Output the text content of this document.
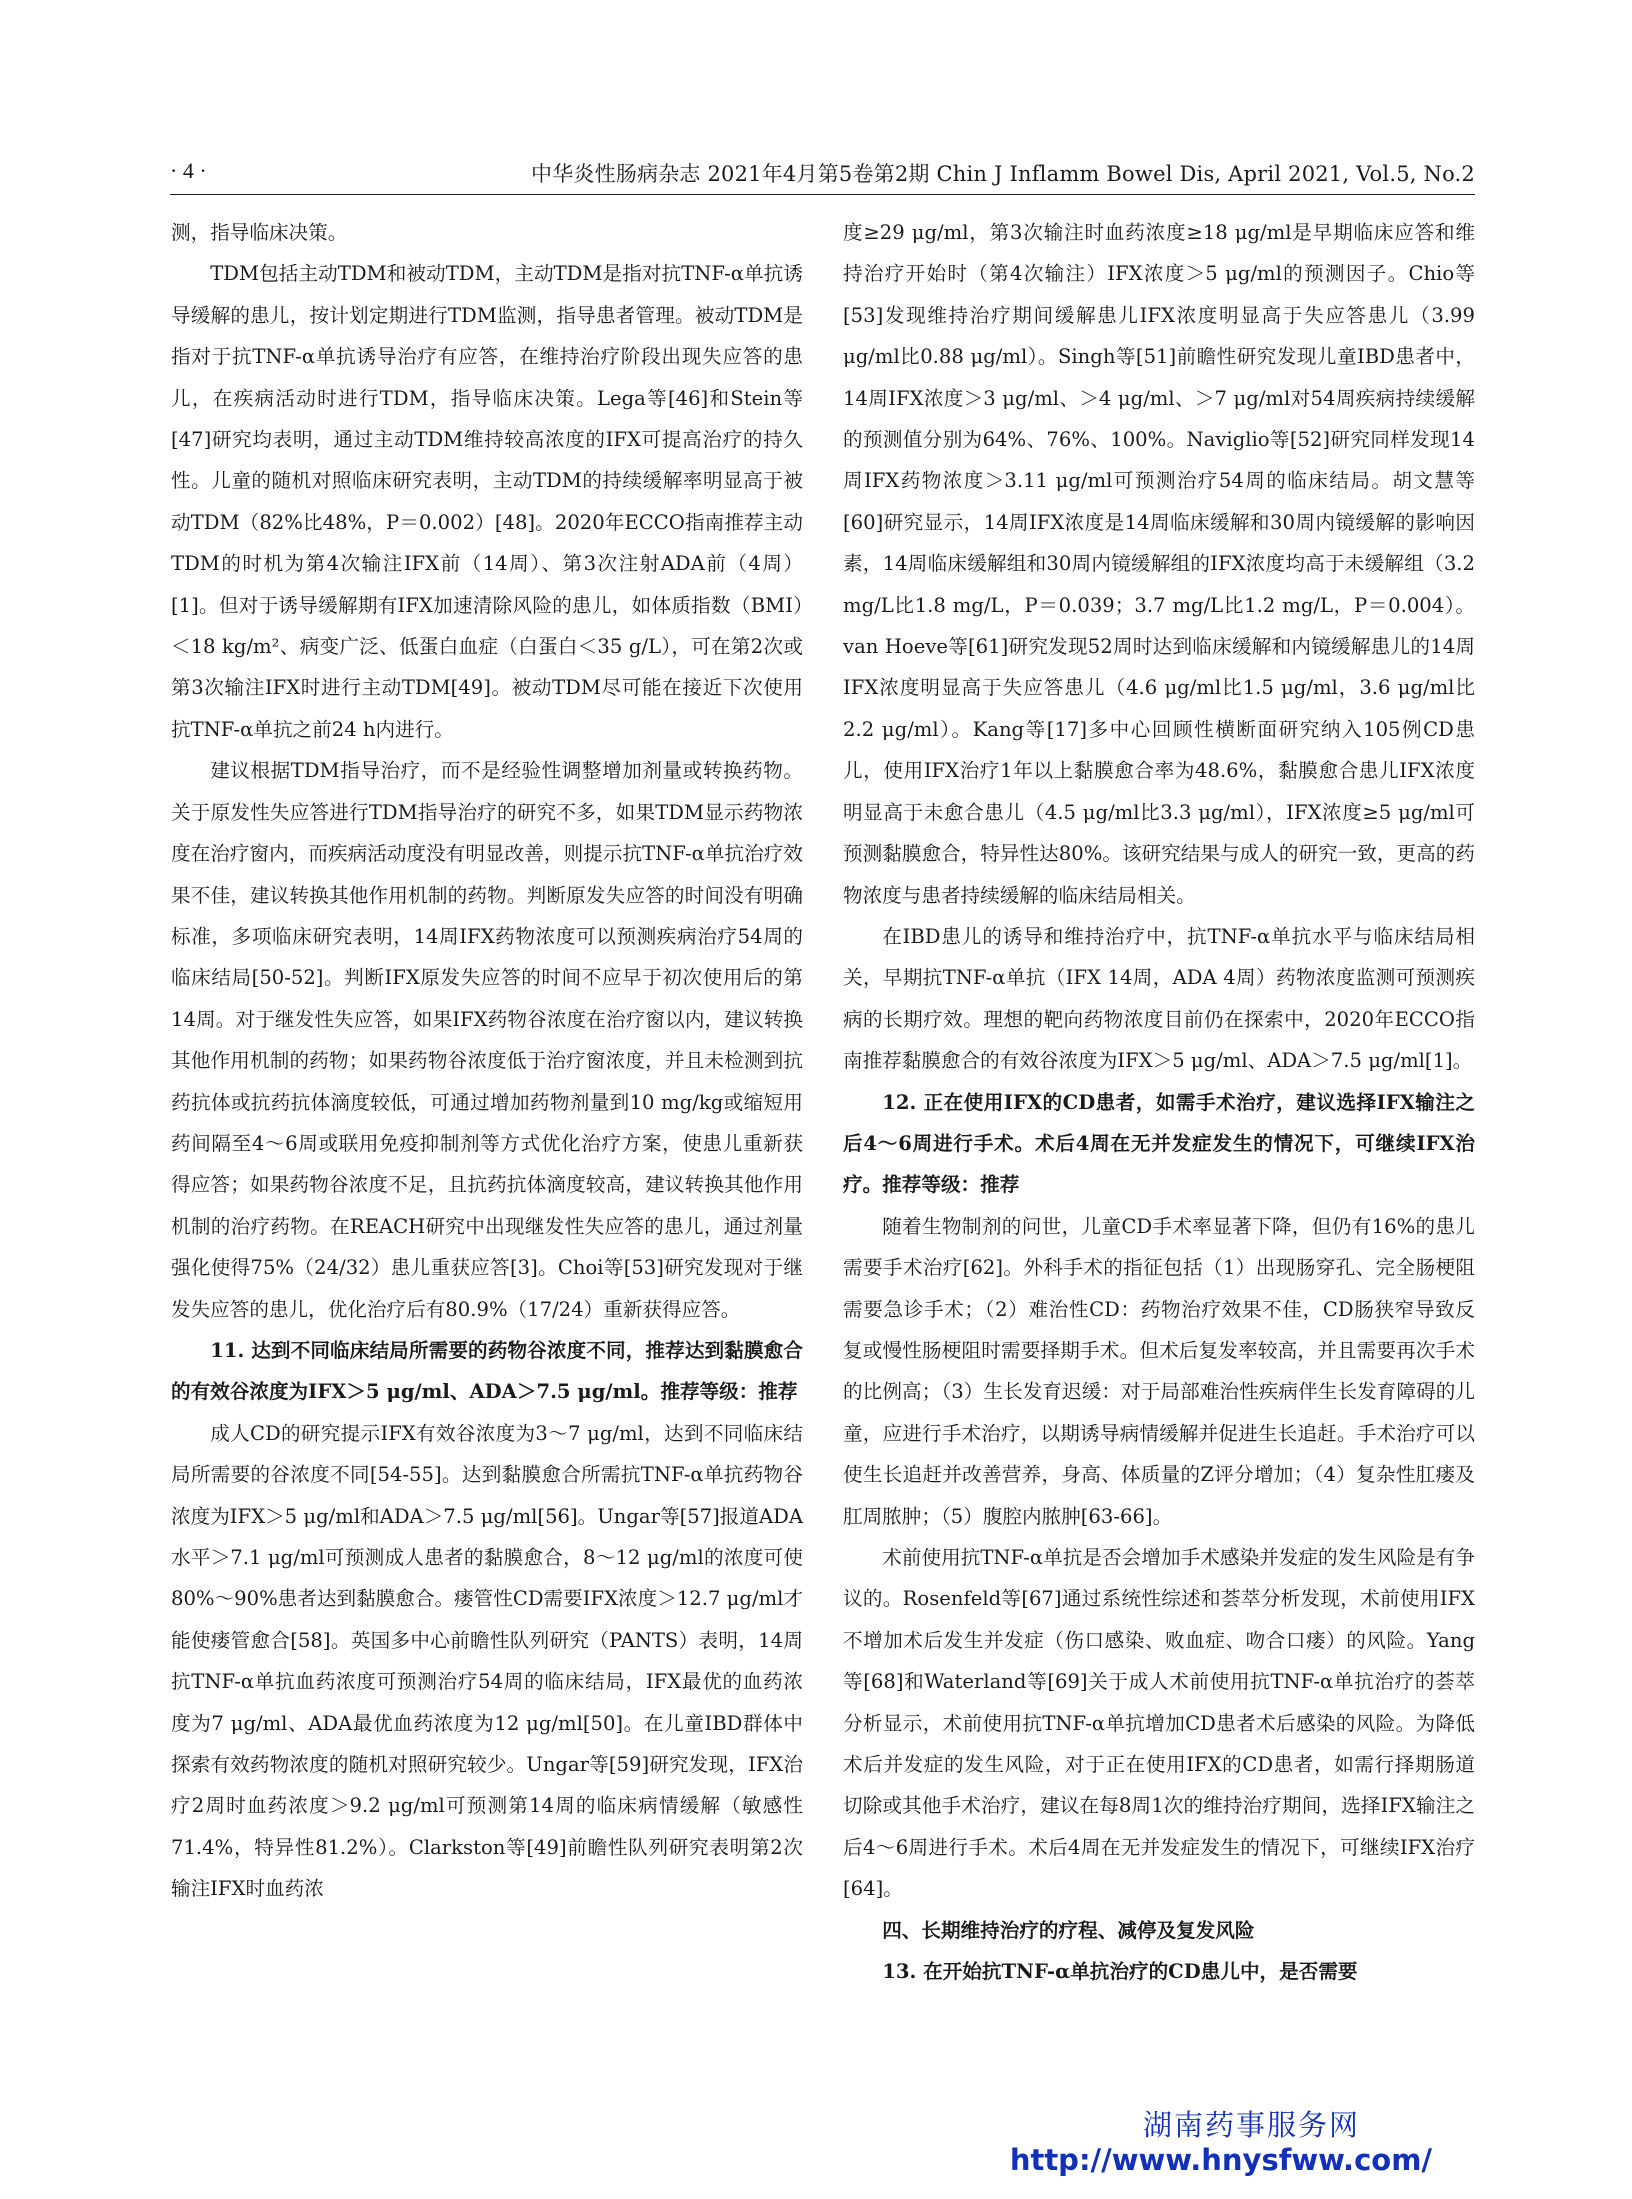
· 4 ·	中华炎性肠病杂志 2021年4月第5卷第2期 Chin J Inflamm Bowel Dis, April 2021, Vol.5, No.2

测，指导临床决策。

TDM包括主动TDM和被动TDM，主动TDM是指对抗TNF-α单抗诱导缓解的患儿，按计划定期进行TDM监测，指导患者管理。被动TDM是指对于抗TNF-α单抗诱导治疗有应答，在维持治疗阶段出现失应答的患儿，在疾病活动时进行TDM，指导临床决策。Lega等[46]和Stein等[47]研究均表明，通过主动TDM维持较高浓度的IFX可提高治疗的持久性。儿童的随机对照临床研究表明，主动TDM的持续缓解率明显高于被动TDM（82%比48%，P＝0.002）[48]。2020年ECCO指南推荐主动TDM的时机为第4次输注IFX前（14周）、第3次注射ADA前（4周）[1]。但对于诱导缓解期有IFX加速清除风险的患儿，如体质指数（BMI）＜18 kg/m²、病变广泛、低蛋白血症（白蛋白＜35 g/L），可在第2次或第3次输注IFX时进行主动TDM[49]。被动TDM尽可能在接近下次使用抗TNF-α单抗之前24 h内进行。

建议根据TDM指导治疗，而不是经验性调整增加剂量或转换药物。关于原发性失应答进行TDM指导治疗的研究不多，如果TDM显示药物浓度在治疗窗内，而疾病活动度没有明显改善，则提示抗TNF-α单抗治疗效果不佳，建议转换其他作用机制的药物。判断原发失应答的时间没有明确标准，多项临床研究表明，14周IFX药物浓度可以预测疾病治疗54周的临床结局[50-52]。判断IFX原发失应答的时间不应早于初次使用后的第14周。对于继发性失应答，如果IFX药物谷浓度在治疗窗以内，建议转换其他作用机制的药物；如果药物谷浓度低于治疗窗浓度，并且未检测到抗药抗体或抗药抗体滴度较低，可通过增加药物剂量到10 mg/kg或缩短用药间隔至4～6周或联用免疫抑制剂等方式优化治疗方案，使患儿重新获得应答；如果药物谷浓度不足，且抗药抗体滴度较高，建议转换其他作用机制的治疗药物。在REACH研究中出现继发性失应答的患儿，通过剂量强化使得75%（24/32）患儿重获应答[3]。Choi等[53]研究发现对于继发失应答的患儿，优化治疗后有80.9%（17/24）重新获得应答。

11. 达到不同临床结局所需要的药物谷浓度不同，推荐达到黏膜愈合的有效谷浓度为IFX＞5 μg/ml、ADA＞7.5 μg/ml。推荐等级：推荐

成人CD的研究提示IFX有效谷浓度为3～7 μg/ml，达到不同临床结局所需要的谷浓度不同[54-55]。达到黏膜愈合所需抗TNF-α单抗药物谷浓度为IFX＞5 μg/ml和ADA＞7.5 μg/ml[56]。Ungar等[57]报道ADA水平＞7.1 μg/ml可预测成人患者的黏膜愈合，8～12 μg/ml的浓度可使80%～90%患者达到黏膜愈合。瘘管性CD需要IFX浓度＞12.7 μg/ml才能使瘘管愈合[58]。英国多中心前瞻性队列研究（PANTS）表明，14周抗TNF-α单抗血药浓度可预测治疗54周的临床结局，IFX最优的血药浓度为7 μg/ml、ADA最优血药浓度为12 μg/ml[50]。在儿童IBD群体中探索有效药物浓度的随机对照研究较少。Ungar等[59]研究发现，IFX治疗2周时血药浓度＞9.2 μg/ml可预测第14周的临床病情缓解（敏感性71.4%，特异性81.2%）。Clarkston等[49]前瞻性队列研究表明第2次输注IFX时血药浓

度≥29 μg/ml，第3次输注时血药浓度≥18 μg/ml是早期临床应答和维持治疗开始时（第4次输注）IFX浓度＞5 μg/ml的预测因子。Chio等[53]发现维持治疗期间缓解患儿IFX浓度明显高于失应答患儿（3.99 μg/ml比0.88 μg/ml）。Singh等[51]前瞻性研究发现儿童IBD患者中，14周IFX浓度＞3 μg/ml、＞4 μg/ml、＞7 μg/ml对54周疾病持续缓解的预测值分别为64%、76%、100%。Naviglio等[52]研究同样发现14周IFX药物浓度＞3.11 μg/ml可预测治疗54周的临床结局。胡文慧等[60]研究显示，14周IFX浓度是14周临床缓解和30周内镜缓解的影响因素，14周临床缓解组和30周内镜缓解组的IFX浓度均高于未缓解组（3.2 mg/L比1.8 mg/L，P＝0.039；3.7 mg/L比1.2 mg/L，P＝0.004）。van Hoeve等[61]研究发现52周时达到临床缓解和内镜缓解患儿的14周IFX浓度明显高于失应答患儿（4.6 μg/ml比1.5 μg/ml，3.6 μg/ml比2.2 μg/ml）。Kang等[17]多中心回顾性横断面研究纳入105例CD患儿，使用IFX治疗1年以上黏膜愈合率为48.6%，黏膜愈合患儿IFX浓度明显高于未愈合患儿（4.5 μg/ml比3.3 μg/ml），IFX浓度≥5 μg/ml可预测黏膜愈合，特异性达80%。该研究结果与成人的研究一致，更高的药物浓度与患者持续缓解的临床结局相关。

在IBD患儿的诱导和维持治疗中，抗TNF-α单抗水平与临床结局相关，早期抗TNF-α单抗（IFX 14周，ADA 4周）药物浓度监测可预测疾病的长期疗效。理想的靶向药物浓度目前仍在探索中，2020年ECCO指南推荐黏膜愈合的有效谷浓度为IFX＞5 μg/ml、ADA＞7.5 μg/ml[1]。

12. 正在使用IFX的CD患者，如需手术治疗，建议选择IFX输注之后4～6周进行手术。术后4周在无并发症发生的情况下，可继续IFX治疗。推荐等级：推荐

随着生物制剂的问世，儿童CD手术率显著下降，但仍有16%的患儿需要手术治疗[62]。外科手术的指征包括（1）出现肠穿孔、完全肠梗阻需要急诊手术；（2）难治性CD：药物治疗效果不佳，CD肠狭窄导致反复或慢性肠梗阻时需要择期手术。但术后复发率较高，并且需要再次手术的比例高；（3）生长发育迟缓：对于局部难治性疾病伴生长发育障碍的儿童，应进行手术治疗，以期诱导病情缓解并促进生长追赶。手术治疗可以使生长追赶并改善营养，身高、体质量的Z评分增加；（4）复杂性肛瘘及肛周脓肿；（5）腹腔内脓肿[63-66]。

术前使用抗TNF-α单抗是否会增加手术感染并发症的发生风险是有争议的。Rosenfeld等[67]通过系统性综述和荟萃分析发现，术前使用IFX不增加术后发生并发症（伤口感染、败血症、吻合口瘘）的风险。Yang等[68]和Waterland等[69]关于成人术前使用抗TNF-α单抗治疗的荟萃分析显示，术前使用抗TNF-α单抗增加CD患者术后感染的风险。为降低术后并发症的发生风险，对于正在使用IFX的CD患者，如需行择期肠道切除或其他手术治疗，建议在每8周1次的维持治疗期间，选择IFX输注之后4～6周进行手术。术后4周在无并发症发生的情况下，可继续IFX治疗[64]。

四、长期维持治疗的疗程、减停及复发风险

13. 在开始抗TNF-α单抗治疗的CD患儿中，是否需要

湖南药事服务网
http://www.hnysfww.com/
